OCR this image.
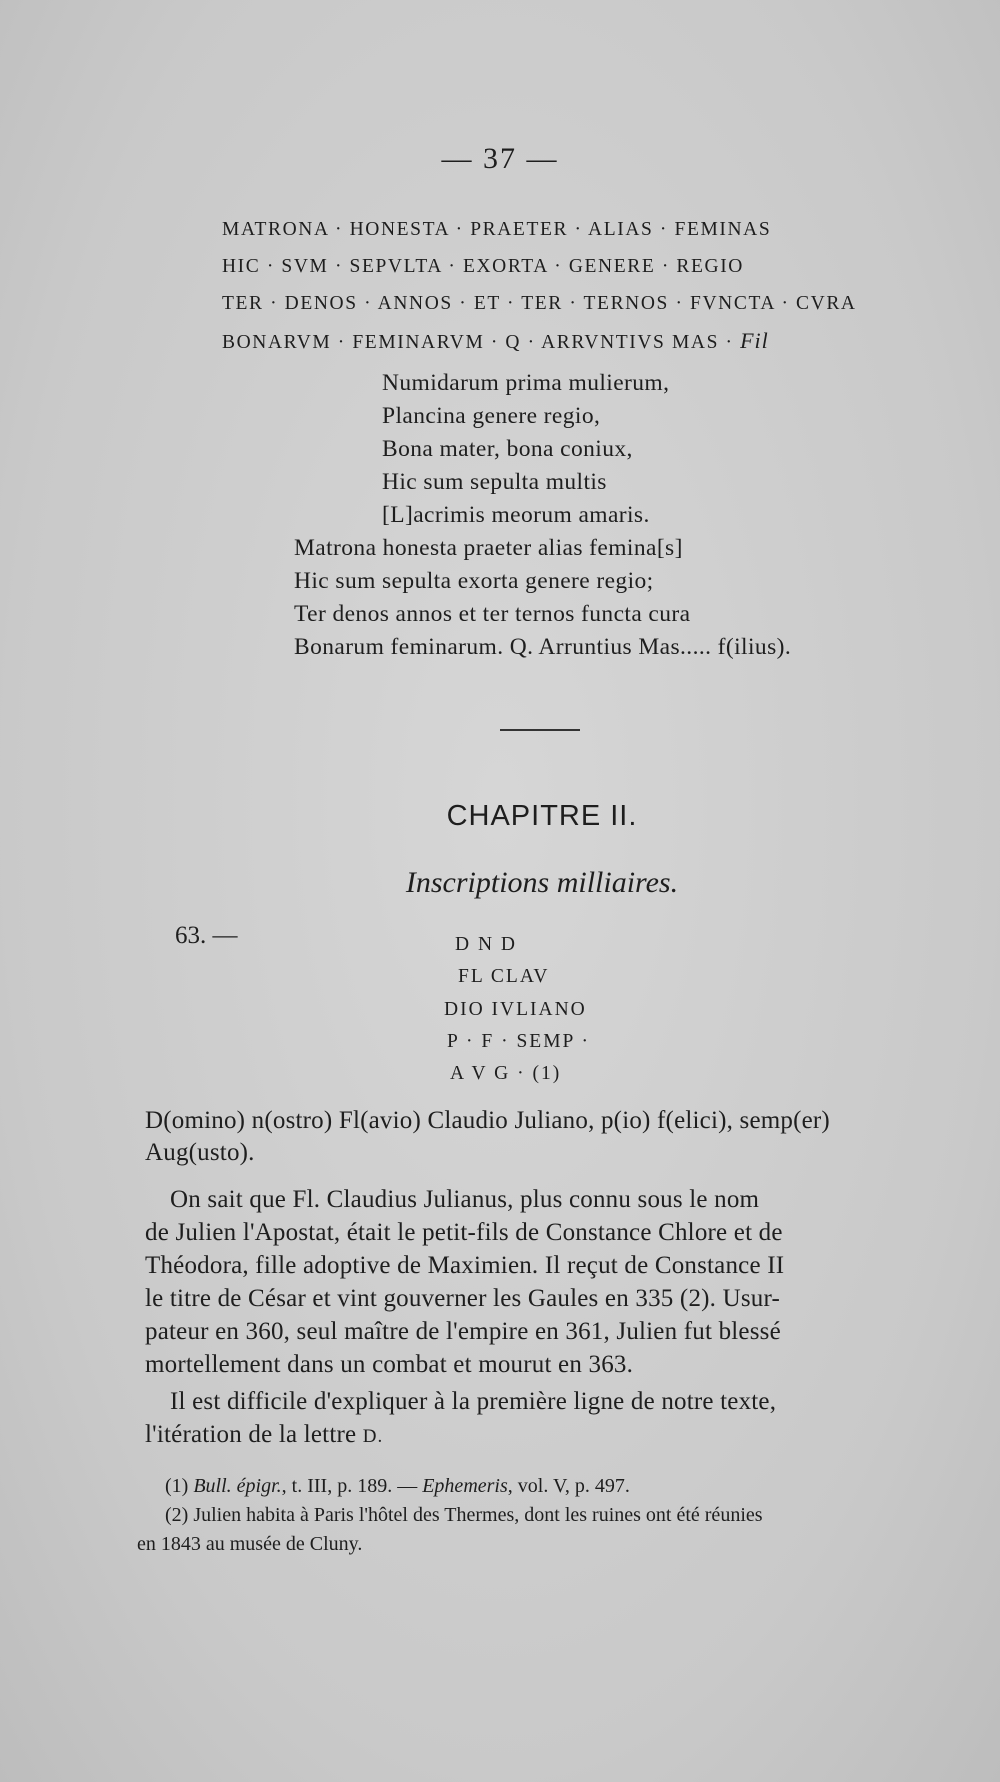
— 37 —
MATRONA · HONESTA · PRAETER · ALIAS · FEMINAS
HIC · SVM · SEPVLTA · EXORTA · GENERE · REGIO
TER · DENOS · ANNOS · ET · TER · TERNOS · FVNCTA · CVRA
BONARVM · FEMINARVM · Q · ARRVNTIVS MAS · Fil
Numidarum prima mulierum,
Plancina genere regio,
Bona mater, bona coniux,
Hic sum sepulta multis
[L]acrimis meorum amaris.
Matrona honesta praeter alias femina[s]
Hic sum sepulta exorta genere regio;
Ter denos annos et ter ternos functa cura
Bonarum feminarum. Q. Arruntius Mas..... f(ilius).
CHAPITRE II.
Inscriptions milliaires.
63. —	D N D
FL CLAV
DIO IVLIANO
P · F · SEMP ·
A V G · (1)
D(omino) n(ostro) Fl(avio) Claudio Juliano, p(io) f(elici), semp(er)
Aug(usto).
On sait que Fl. Claudius Julianus, plus connu sous le nom
de Julien l'Apostat, était le petit-fils de Constance Chlore et de
Théodora, fille adoptive de Maximien. Il reçut de Constance II
le titre de César et vint gouverner les Gaules en 335 (2). Usur-
pateur en 360, seul maître de l'empire en 361, Julien fut blessé
mortellement dans un combat et mourut en 363.
Il est difficile d'expliquer à la première ligne de notre texte,
l'itération de la lettre D.
(1) Bull. épigr., t. III, p. 189. — Ephemeris, vol. V, p. 497.
(2) Julien habita à Paris l'hôtel des Thermes, dont les ruines ont été réunies
en 1843 au musée de Cluny.
